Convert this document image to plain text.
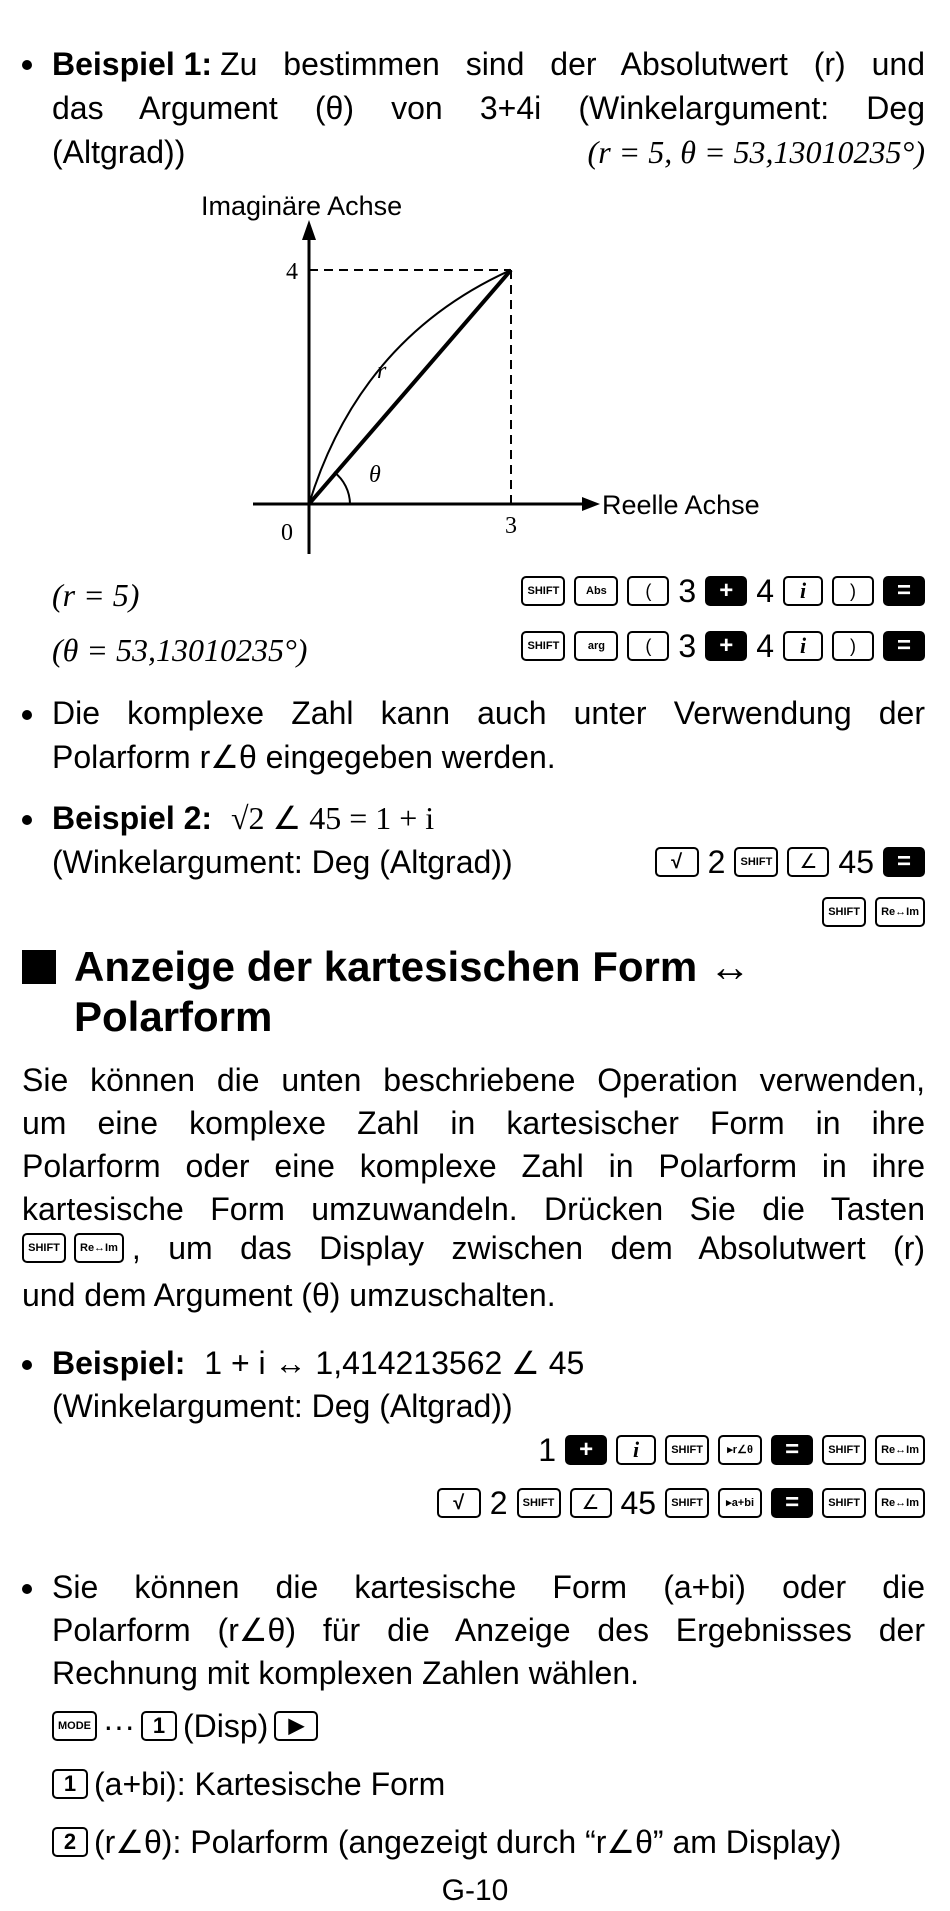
Beispiel 1: Zu bestimmen sind der Absolutwert (r) und
das Argument (θ) von 3+4i (Winkelargument: Deg
(Altgrad))	(r = 5, θ = 53,13010235°)
Imaginäre Achse
Reelle Achse
4
3
0
r
θ
(r = 5)	SHIFT	Abs	( 3 + 4	i	)	=
(θ = 53,13010235°)	SHIFT	arg	( 3 + 4	i	)	=
Die komplexe Zahl kann auch unter Verwendung der
Polarform r∠θ eingegeben werden.
Beispiel 2: √2 ∠ 45 = 1 + i
(Winkelargument: Deg (Altgrad))	√ 2	SHIFT	∠ 45 =
SHIFT	Re↔Im
Anzeige der kartesischen Form ↔
Polarform
Sie können die unten beschriebene Operation verwenden,
um eine komplexe Zahl in kartesischer Form in ihre
Polarform oder eine komplexe Zahl in Polarform in ihre
kartesische Form umzuwandeln. Drücken Sie die Tasten
SHIFT	Re↔Im , um das Display zwischen dem Absolutwert (r)
und dem Argument (θ) umzuschalten.
Beispiel: 1 + i ↔ 1,414213562 ∠ 45
(Winkelargument: Deg (Altgrad))
1 +	i	SHIFT	▸r∠θ	=	SHIFT	Re↔Im
√ 2	SHIFT	∠ 45	SHIFT	▸a+bi	=	SHIFT	Re↔Im
Sie können die kartesische Form (a+bi) oder die
Polarform (r∠θ) für die Anzeige des Ergebnisses der
Rechnung mit komplexen Zahlen wählen.
MODE ··· 1 (Disp)	▶
1 (a+bi): Kartesische Form
2 (r∠θ): Polarform (angezeigt durch “r∠θ” am Display)
G-10
